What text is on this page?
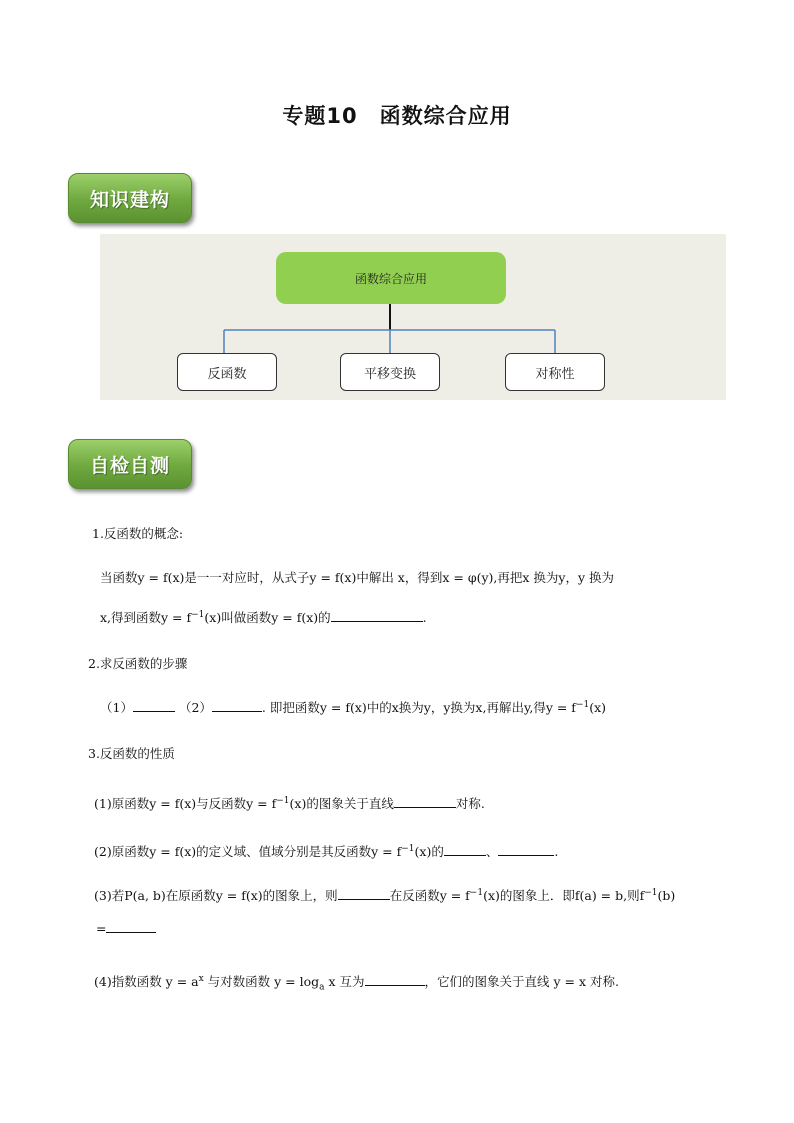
专题10　函数综合应用
知识建构
函数综合应用
反函数	平移变换	对称性
自检自测
1.反函数的概念:
当函数y = f(x)是一一对应时，从式子y = f(x)中解出 x，得到x = φ(y),再把x 换为y，y 换为
x,得到函数$y = f^{-1}(x)$叫做函数y = f(x)的	.
2.求反函数的步骤
（1）	（2）	. 即把函数y = f(x)中的x换为y，y换为x,再解出y,得$y = f^{-1}(x)$
3.反函数的性质
(1)原函数y = f(x)与反函数$y = f^{-1}(x)$的图象关于直线	对称.
(2)原函数y = f(x)的定义域、值域分别是其反函数$y = f^{-1}(x)$的	、	.
(3)若P(a, b)在原函数y = f(x)的图象上，则	在反函数$y = f^{-1}(x)$的图象上．即f(a) = b,则$f^{-1}(b)$
=
(4)指数函数 $y = a^x$ 与对数函数 $y = \log_a x$ 互为	，它们的图象关于直线 y = x 对称.
